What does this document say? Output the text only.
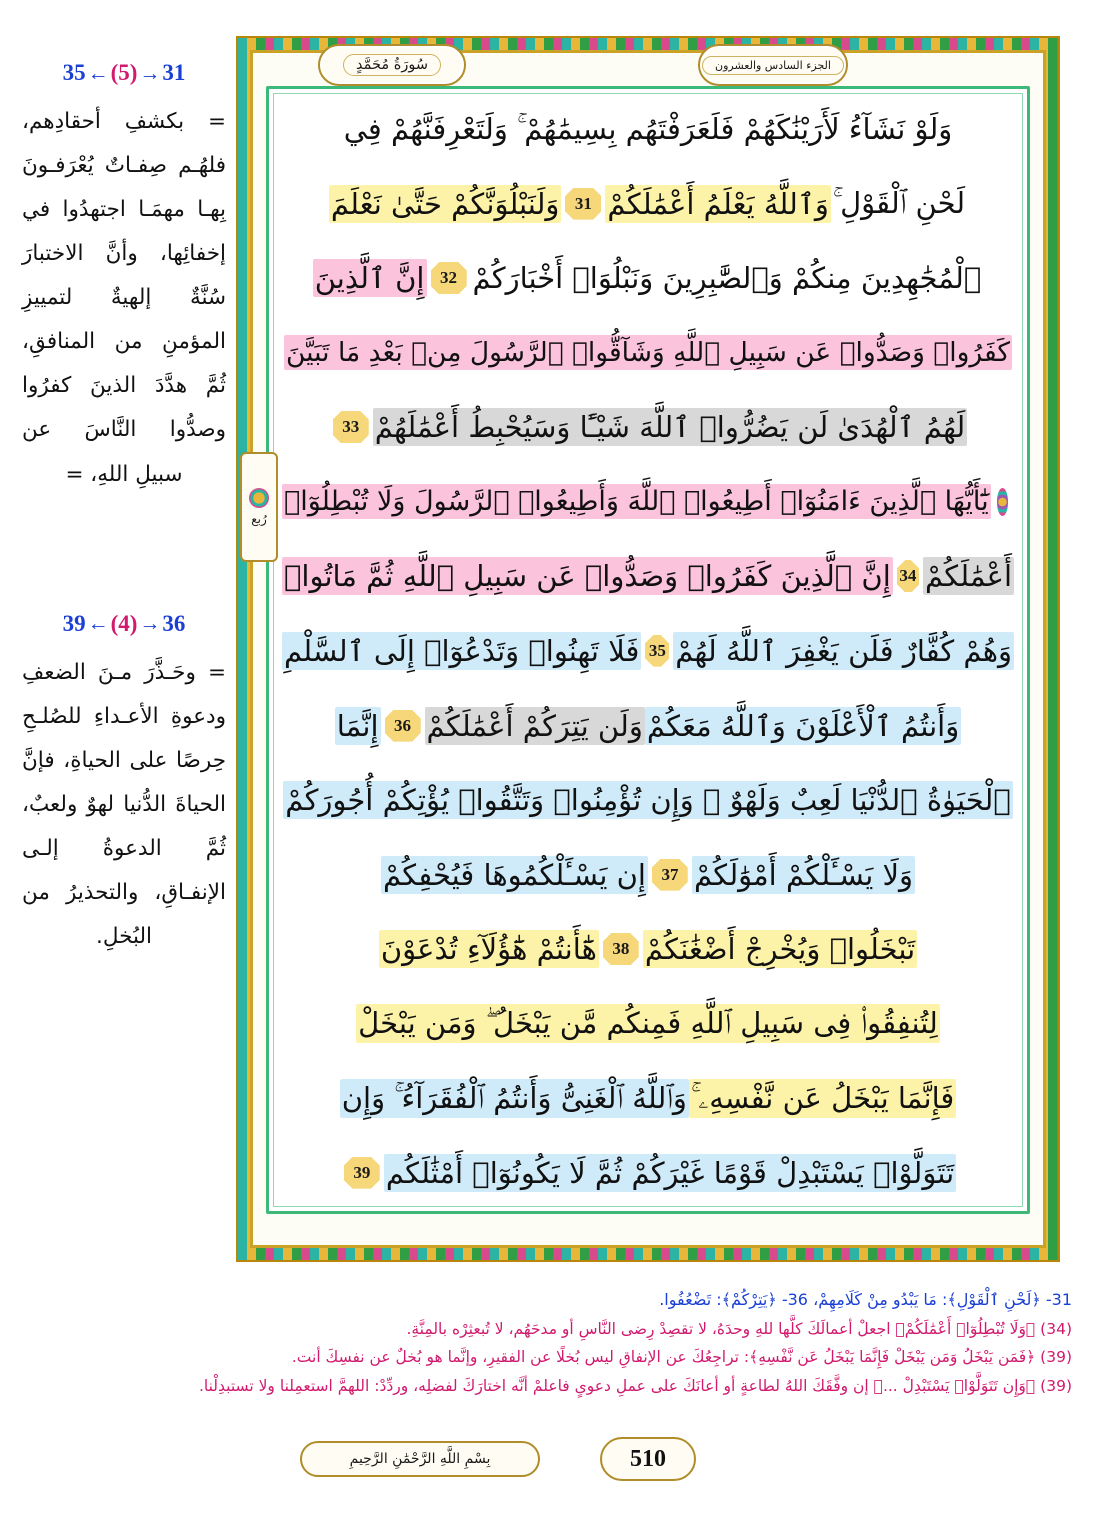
35 ← (5) → 31
= بكشفِ أحقادِهم، فلهُـم صِفـاتٌ يُعْرَفـونَ بِهـا مهمَـا اجتهدُوا في إخفائِها، وأنَّ الاختبارَ سُنَّةٌ إلهيةٌ لتمييزِ المؤمنِ من المنافقِ، ثُمَّ هدَّدَ الذينَ كفرُوا وصدُّوا النَّاسَ عن سبيلِ اللهِ، =
39 ← (4) → 36
= وحَـذَّرَ مـنَ الضعفِ ودعوةِ الأعـداءِ للصُلـحِ حِرصًا على الحياةِ، فإنَّ الحياةَ الدُّنيا لهوٌ ولعبٌ، ثُمَّ الدعوةُ إلـى الإنفـاقِ، والتحذيرُ من البُخلِ.
سُورَةُ مُحَمَّدٍ	الجزء السادس والعشرون
رُبع
وَلَوْ نَشَآءُ لَأَرَيْنَٰكَهُمْ فَلَعَرَفْتَهُم بِسِيمَٰهُمْ ۚ وَلَتَعْرِفَنَّهُمْ فِي
لَحْنِ ٱلْقَوْلِ ۚ
وَٱللَّهُ يَعْلَمُ أَعْمَٰلَكُمْ
31
وَلَنَبْلُوَنَّكُمْ حَتَّىٰ نَعْلَمَ
ٱلْمُجَٰهِدِينَ مِنكُمْ وَٱلصَّٰبِرِينَ وَنَبْلُوَا۟ أَخْبَارَكُمْ
32
إِنَّ ٱلَّذِينَ
كَفَرُوا۟ وَصَدُّوا۟ عَن سَبِيلِ ٱللَّهِ وَشَآقُّوا۟ ٱلرَّسُولَ مِنۢ بَعْدِ مَا تَبَيَّنَ
لَهُمُ ٱلْهُدَىٰ لَن يَضُرُّوا۟ ٱللَّهَ شَيْـًٔا وَسَيُحْبِطُ أَعْمَٰلَهُمْ
33
يَٰٓأَيُّهَا ٱلَّذِينَ ءَامَنُوٓا۟ أَطِيعُوا۟ ٱللَّهَ وَأَطِيعُوا۟ ٱلرَّسُولَ وَلَا تُبْطِلُوٓا۟
أَعْمَٰلَكُمْ
34
إِنَّ ٱلَّذِينَ كَفَرُوا۟ وَصَدُّوا۟ عَن سَبِيلِ ٱللَّهِ ثُمَّ مَاتُوا۟
وَهُمْ كُفَّارٌ فَلَن يَغْفِرَ ٱللَّهُ لَهُمْ
35
فَلَا تَهِنُوا۟ وَتَدْعُوٓا۟ إِلَى ٱلسَّلْمِ
وَأَنتُمُ ٱلْأَعْلَوْنَ وَٱللَّهُ مَعَكُمْ
وَلَن يَتِرَكُمْ أَعْمَٰلَكُمْ
36
إِنَّمَا
ٱلْحَيَوٰةُ ٱلدُّنْيَا لَعِبٌ وَلَهْوٌ ۚ وَإِن تُؤْمِنُوا۟ وَتَتَّقُوا۟ يُؤْتِكُمْ أُجُورَكُمْ
وَلَا يَسْـَٔلْكُمْ أَمْوَٰلَكُمْ
37
إِن يَسْـَٔلْكُمُوهَا فَيُحْفِكُمْ
تَبْخَلُوا۟ وَيُخْرِجْ أَضْغَٰنَكُمْ
38
هَٰٓأَنتُمْ هَٰٓؤُلَآءِ تُدْعَوْنَ
لِتُنفِقُوا۟ فِى سَبِيلِ ٱللَّهِ فَمِنكُم مَّن يَبْخَلُ ۖ وَمَن يَبْخَلْ
فَإِنَّمَا يَبْخَلُ عَن نَّفْسِهِۦ ۚ
وَٱللَّهُ ٱلْغَنِىُّ وَأَنتُمُ ٱلْفُقَرَآءُ ۚ وَإِن
تَتَوَلَّوْا۟ يَسْتَبْدِلْ قَوْمًا غَيْرَكُمْ ثُمَّ لَا يَكُونُوٓا۟ أَمْثَٰلَكُم
39
بِسْمِ اللَّهِ الرَّحْمَٰنِ الرَّحِيمِ	510
31- ﴿لَحْنِ ٱلْقَوْلِ﴾: مَا يَبْدُو مِنْ كَلَامِهِمْ، 36- ﴿يَتِرْكُمْ﴾: تَضْعُفُوا.
(34) ﴿وَلَا تُبْطِلُوٓا۟ أَعْمَٰلَكُمْ﴾ اجعلْ أعمالَكَ كلَّها للهِ وحدَهُ، لا تقصِدْ رِضى النَّاسِ أو مدحَهُم، لا تُبعثِرْه بالمِنَّةِ.
(39) ﴿فَمَن يَبْخَلُ وَمَن يَبْخَلْ فَإِنَّمَا يَبْخَلُ عَن نَّفْسِهِ﴾: تراجِعُكَ عن الإنفاقِ ليس بُخلًا عن الفقيرِ، وإنَّما هو بُخلٌ عن نفسِكَ أنت.
(39) ﴿وَإِن تَتَوَلَّوْا۟ يَسْتَبْدِلْ ...﴾ إن وفَّقَكَ اللهُ لطاعةٍ أو أعانَكَ على عملِ دعوىٍ فاعلمْ أنَّه اختارَكَ لفضلِه، وردِّدْ: اللهمَّ استعمِلنا ولا تستبدِلْنا.
